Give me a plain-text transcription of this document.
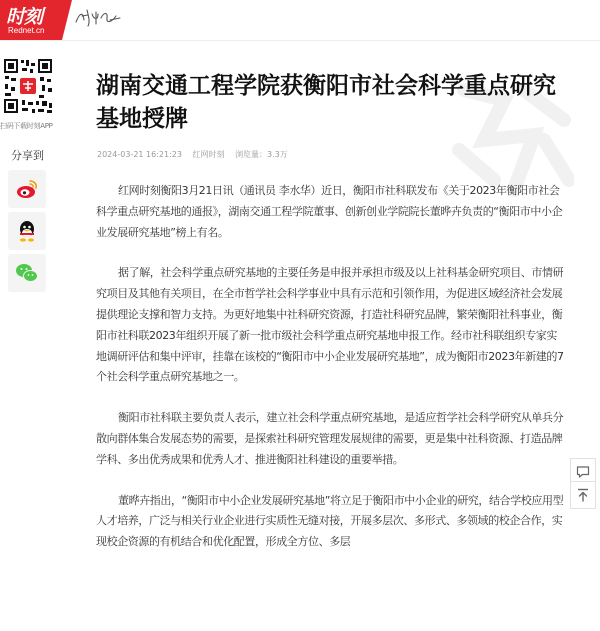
时刻
Rednet.cn
扫码下载时刻APP
分享到
湖南交通工程学院获衡阳市社会科学重点研究基地授牌
2024-03-21 16:21:23 红网时刻 浏览量：3.3万

红网时刻衡阳3月21日讯（通讯员 李水华）近日，衡阳市社科联发布《关于2023年衡阳市社会科学重点研究基地的通报》，湖南交通工程学院董事、创新创业学院院长董晔卉负责的“衡阳市中小企业发展研究基地”榜上有名。

据了解，社会科学重点研究基地的主要任务是申报并承担市级及以上社科基金研究项目、市情研究项目及其他有关项目，在全市哲学社会科学事业中具有示范和引领作用，为促进区域经济社会发展提供理论支撑和智力支持。为更好地集中社科研究资源，打造社科研究品牌，繁荣衡阳社科事业，衡阳市社科联2023年组织开展了新一批市级社会科学重点研究基地申报工作。经市社科联组织专家实地调研评估和集中评审，挂靠在该校的“衡阳市中小企业发展研究基地”，成为衡阳市2023年新建的7个社会科学重点研究基地之一。

衡阳市社科联主要负责人表示，建立社会科学重点研究基地，是适应哲学社会科学研究从单兵分散向群体集合发展态势的需要，是探索社科研究管理发展规律的需要，更是集中社科资源、打造品牌学科、多出优秀成果和优秀人才、推进衡阳社科建设的重要举措。

董晔卉指出，“衡阳市中小企业发展研究基地”将立足于衡阳市中小企业的研究，结合学校应用型人才培养，广泛与相关行业企业进行实质性无缝对接，开展多层次、多形式、多领域的校企合作，实现校企资源的有机结合和优化配置，形成全方位、多层
